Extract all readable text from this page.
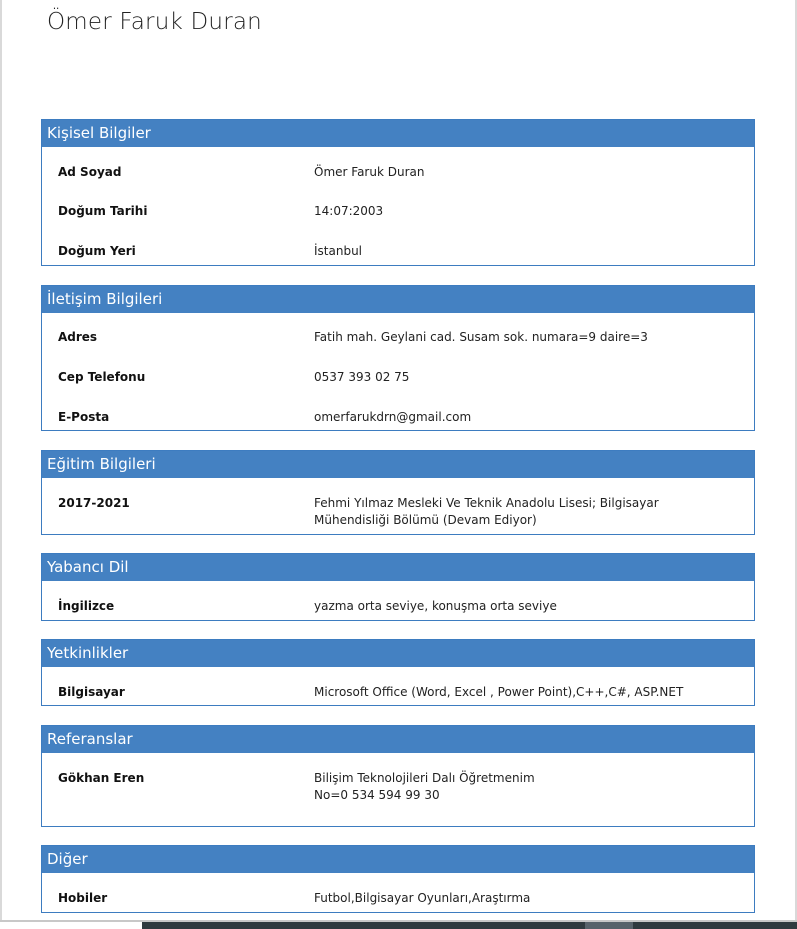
Ömer Faruk Duran
Kişisel Bilgiler
Ad Soyad	Ömer Faruk Duran
Doğum Tarihi	14:07:2003
Doğum Yeri	İstanbul
İletişim Bilgileri
Adres	Fatih mah. Geylani cad. Susam sok. numara=9 daire=3
Cep Telefonu	0537 393 02 75
E-Posta	omerfarukdrn@gmail.com
Eğitim Bilgileri
2017-2021	Fehmi Yılmaz Mesleki Ve Teknik Anadolu Lisesi; Bilgisayar
Mühendisliği Bölümü (Devam Ediyor)
Yabancı Dil
İngilizce	yazma orta seviye, konuşma orta seviye
Yetkinlikler
Bilgisayar	Microsoft Office (Word, Excel , Power Point),C++,C#, ASP.NET
Referanslar
Gökhan Eren	Bilişim Teknolojileri Dalı Öğretmenim
No=0 534 594 99 30
Diğer
Hobiler	Futbol,Bilgisayar Oyunları,Araştırma
